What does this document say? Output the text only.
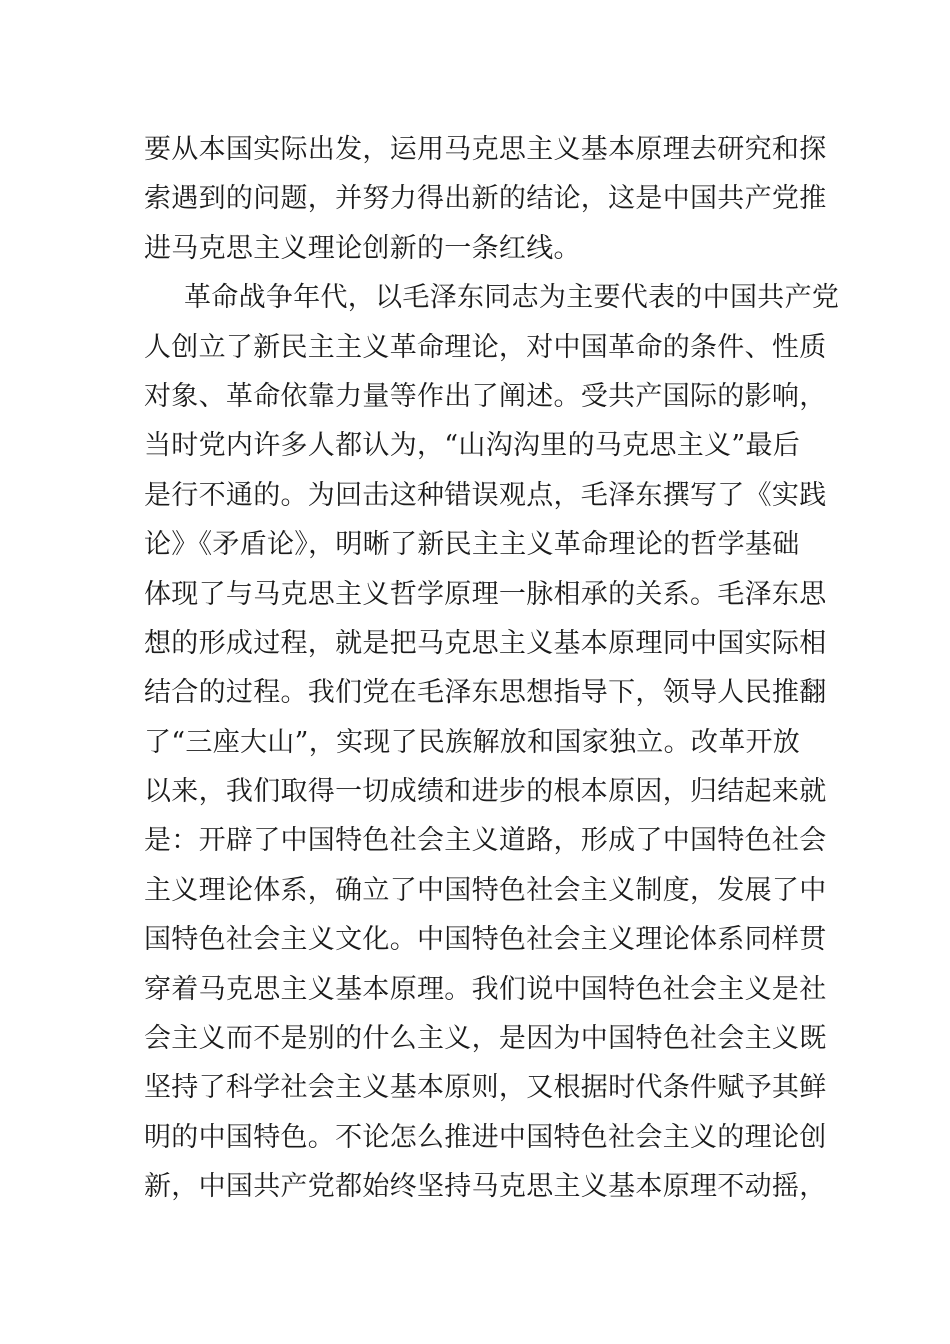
要从本国实际出发，运用马克思主义基本原理去研究和探
索遇到的问题，并努力得出新的结论，这是中国共产党推
进马克思主义理论创新的一条红线。
革命战争年代，以毛泽东同志为主要代表的中国共产党
人创立了新民主主义革命理论，对中国革命的条件、性质
对象、革命依靠力量等作出了阐述。受共产国际的影响，
当时党内许多人都认为，“山沟沟里的马克思主义”最后
是行不通的。为回击这种错误观点，毛泽东撰写了《实践
论》《矛盾论》，明晰了新民主主义革命理论的哲学基础
体现了与马克思主义哲学原理一脉相承的关系。毛泽东思
想的形成过程，就是把马克思主义基本原理同中国实际相
结合的过程。我们党在毛泽东思想指导下，领导人民推翻
了“三座大山”，实现了民族解放和国家独立。改革开放
以来，我们取得一切成绩和进步的根本原因，归结起来就
是：开辟了中国特色社会主义道路，形成了中国特色社会
主义理论体系，确立了中国特色社会主义制度，发展了中
国特色社会主义文化。中国特色社会主义理论体系同样贯
穿着马克思主义基本原理。我们说中国特色社会主义是社
会主义而不是别的什么主义，是因为中国特色社会主义既
坚持了科学社会主义基本原则，又根据时代条件赋予其鲜
明的中国特色。不论怎么推进中国特色社会主义的理论创
新，中国共产党都始终坚持马克思主义基本原理不动摇，
